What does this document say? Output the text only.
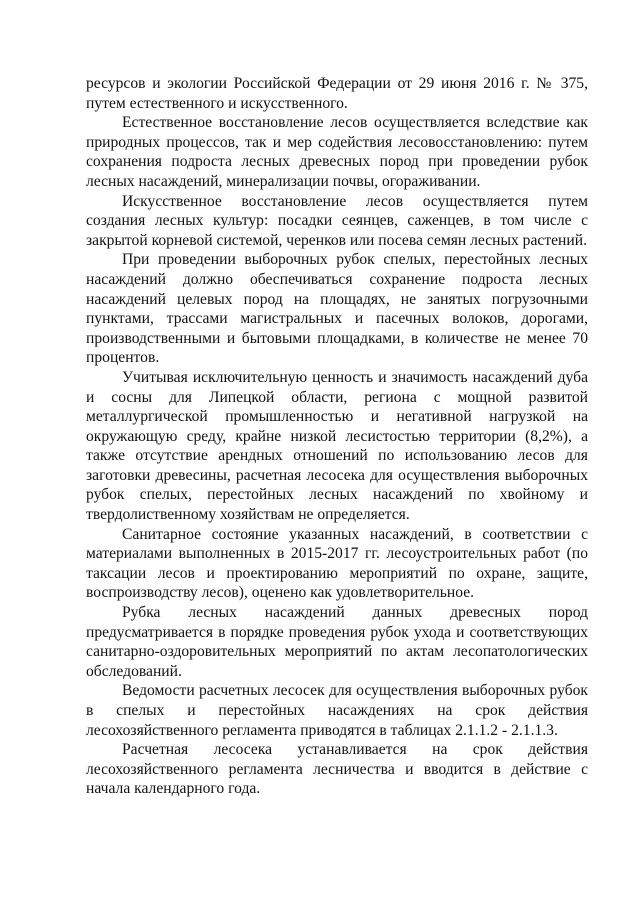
ресурсов и экологии Российской Федерации от 29 июня 2016 г. № 375, путем естественного и искусственного.

Естественное восстановление лесов осуществляется вследствие как природных процессов, так и мер содействия лесовосстановлению: путем сохранения подроста лесных древесных пород при проведении рубок лесных насаждений, минерализации почвы, огораживании.

Искусственное восстановление лесов осуществляется путем создания лесных культур: посадки сеянцев, саженцев, в том числе с закрытой корневой системой, черенков или посева семян лесных растений.

При проведении выборочных рубок спелых, перестойных лесных насаждений должно обеспечиваться сохранение подроста лесных насаждений целевых пород на площадях, не занятых погрузочными пунктами, трассами магистральных и пасечных волоков, дорогами, производственными и бытовыми площадками, в количестве не менее 70 процентов.

Учитывая исключительную ценность и значимость насаждений дуба и сосны для Липецкой области, региона с мощной развитой металлургической промышленностью и негативной нагрузкой на окружающую среду, крайне низкой лесистостью территории (8,2%), а также отсутствие арендных отношений по использованию лесов для заготовки древесины, расчетная лесосека для осуществления выборочных рубок спелых, перестойных лесных насаждений по хвойному и твердолиственному хозяйствам не определяется.

Санитарное состояние указанных насаждений, в соответствии с материалами выполненных в 2015-2017 гг. лесоустроительных работ (по таксации лесов и проектированию мероприятий по охране, защите, воспроизводству лесов), оценено как удовлетворительное.

Рубка лесных насаждений данных древесных пород предусматривается в порядке проведения рубок ухода и соответствующих санитарно-оздоровительных мероприятий по актам лесопатологических обследований.

Ведомости расчетных лесосек для осуществления выборочных рубок в спелых и перестойных насаждениях на срок действия лесохозяйственного регламента приводятся в таблицах 2.1.1.2 - 2.1.1.3.

Расчетная лесосека устанавливается на срок действия лесохозяйственного регламента лесничества и вводится в действие с начала календарного года.
